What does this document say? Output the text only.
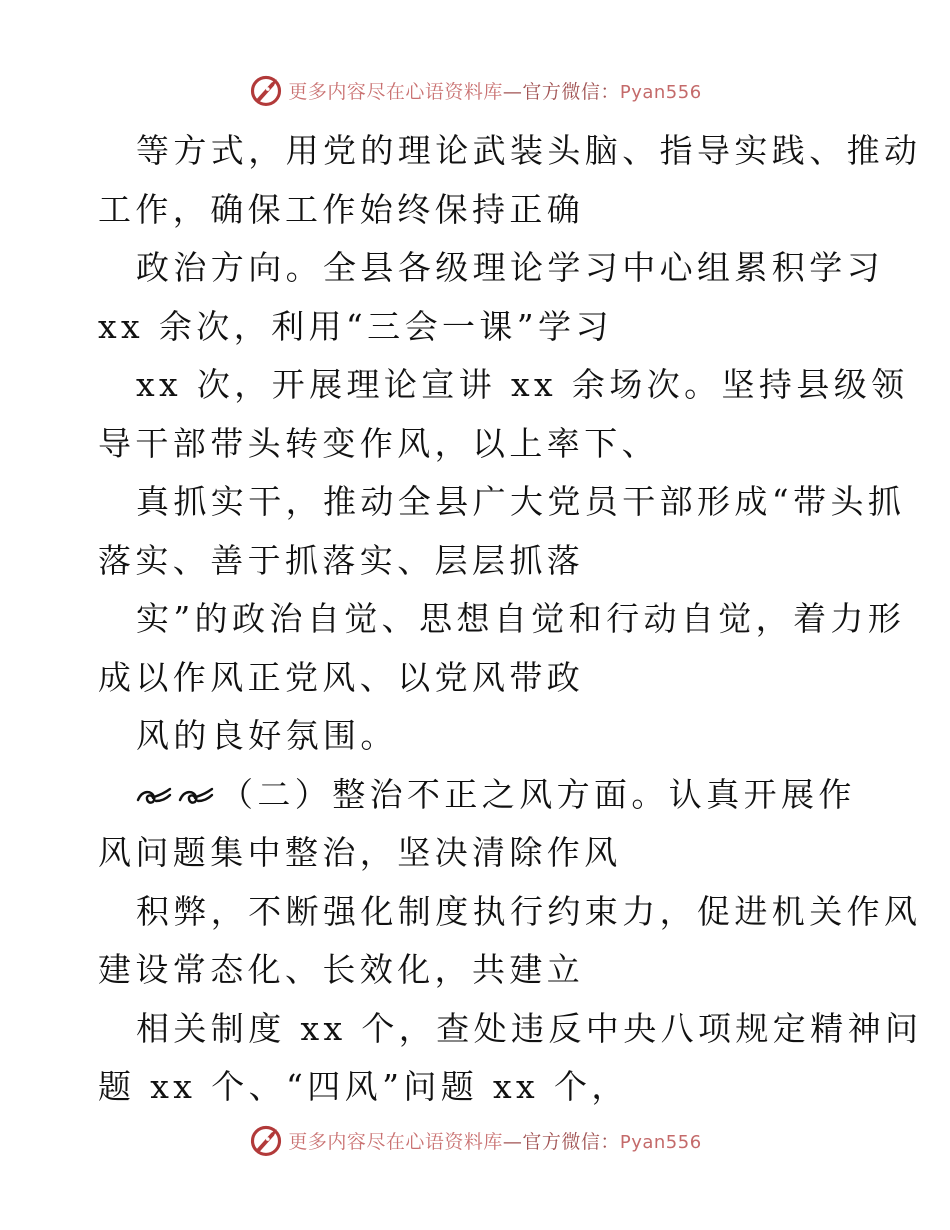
更多内容尽在心语资料库—官方微信：Pyan556
等方式，用党的理论武装头脑、指导实践、推动
工作，确保工作始终保持正确
政治方向。全县各级理论学习中心组累积学习
xx 余次，利用“三会一课”学习
xx 次，开展理论宣讲 xx 余场次。坚持县级领
导干部带头转变作风，以上率下、
真抓实干，推动全县广大党员干部形成“带头抓
落实、善于抓落实、层层抓落
实”的政治自觉、思想自觉和行动自觉，着力形
成以作风正党风、以党风带政
风的良好氛围。
（二）整治不正之风方面。认真开展作
风问题集中整治，坚决清除作风
积弊，不断强化制度执行约束力，促进机关作风
建设常态化、长效化，共建立
相关制度 xx 个，查处违反中央八项规定精神问
题 xx 个、“四风”问题 xx 个，
更多内容尽在心语资料库—官方微信：Pyan556
